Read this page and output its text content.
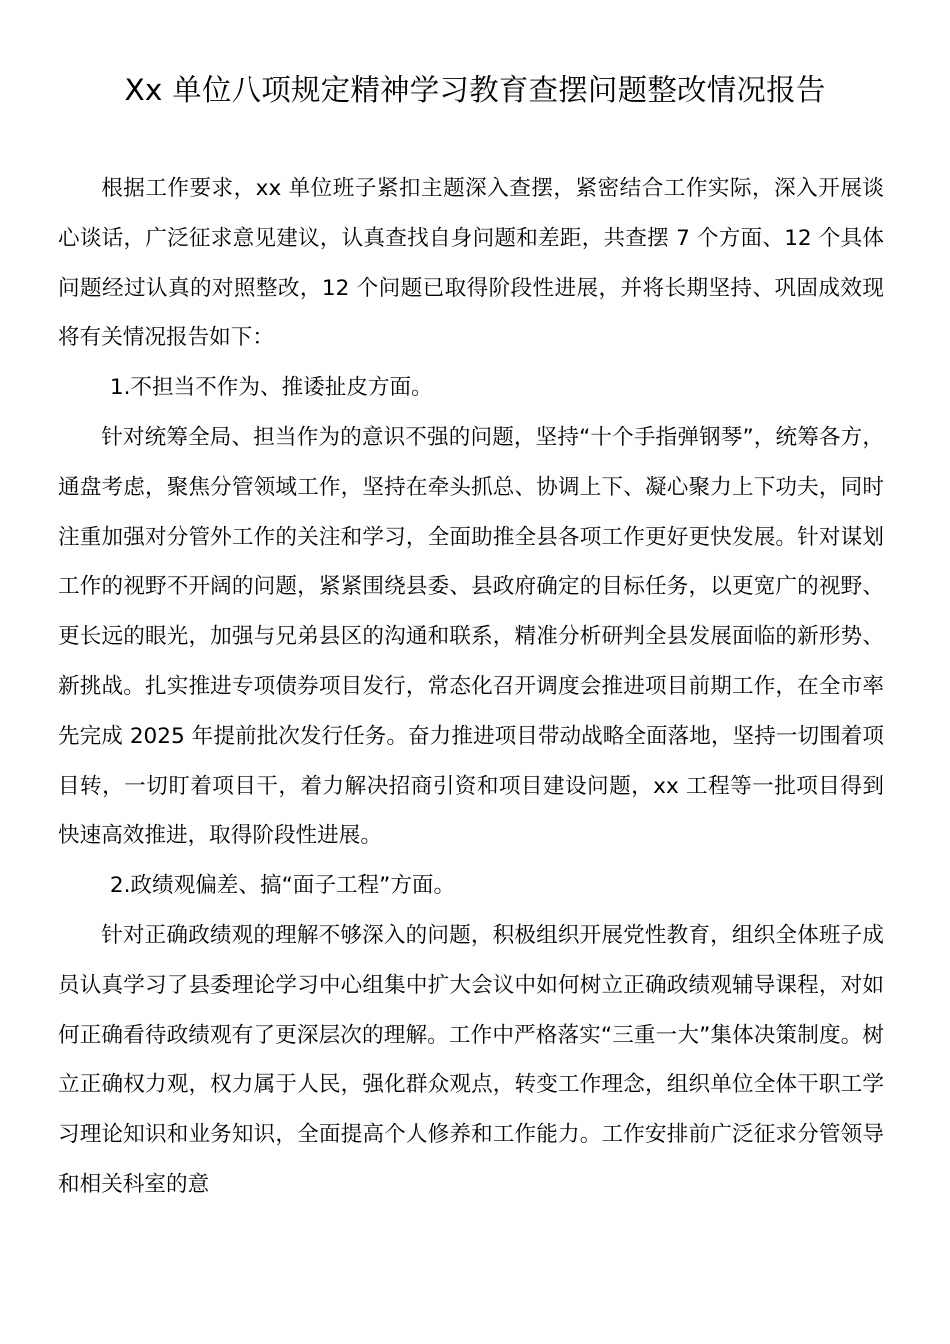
Xx 单位八项规定精神学习教育查摆问题整改情况报告

根据工作要求，xx 单位班子紧扣主题深入查摆，紧密结合工作实际，深入开展谈心谈话，广泛征求意见建议，认真查找自身问题和差距，共查摆 7 个方面、12 个具体问题经过认真的对照整改，12 个问题已取得阶段性进展，并将长期坚持、巩固成效现将有关情况报告如下：

1.不担当不作为、推诿扯皮方面。

针对统筹全局、担当作为的意识不强的问题，坚持“十个手指弹钢琴”，统筹各方，通盘考虑，聚焦分管领域工作，坚持在牵头抓总、协调上下、凝心聚力上下功夫，同时注重加强对分管外工作的关注和学习，全面助推全县各项工作更好更快发展。针对谋划工作的视野不开阔的问题，紧紧围绕县委、县政府确定的目标任务，以更宽广的视野、更长远的眼光，加强与兄弟县区的沟通和联系，精准分析研判全县发展面临的新形势、新挑战。扎实推进专项债券项目发行，常态化召开调度会推进项目前期工作，在全市率先完成 2025 年提前批次发行任务。奋力推进项目带动战略全面落地，坚持一切围着项目转，一切盯着项目干，着力解决招商引资和项目建设问题，xx 工程等一批项目得到快速高效推进，取得阶段性进展。

2.政绩观偏差、搞“面子工程”方面。

针对正确政绩观的理解不够深入的问题，积极组织开展党性教育，组织全体班子成员认真学习了县委理论学习中心组集中扩大会议中如何树立正确政绩观辅导课程，对如何正确看待政绩观有了更深层次的理解。工作中严格落实“三重一大”集体决策制度。树立正确权力观，权力属于人民，强化群众观点，转变工作理念，组织单位全体干职工学习理论知识和业务知识，全面提高个人修养和工作能力。工作安排前广泛征求分管领导和相关科室的意
